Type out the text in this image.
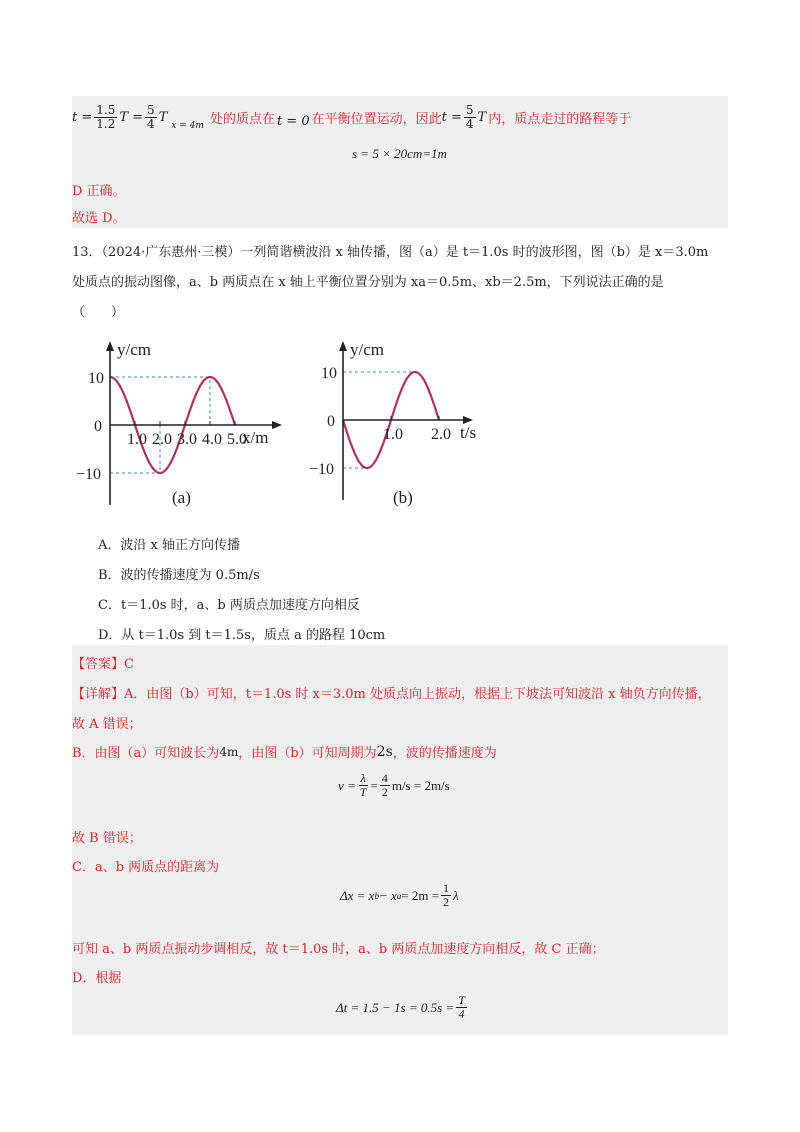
$t = \frac{1.5}{1.2}$ $T = \frac{5}{4}$ T
x = 4m 处的质点在 t = 0 在平衡位置运动，因此 $t = \frac{5}{4}$ T 内，质点走过的路程等于
s = 5 × 20cm=1m
D 正确。
故选 D。
13．（2024·广东惠州·三模）一列简谐横波沿 x 轴传播，图（a）是 t＝1.0s 时的波形图，图（b）是 x＝3.0m
处质点的振动图像，a、b 两质点在 x 轴上平衡位置分别为 xa＝0.5m、xb＝2.5m，下列说法正确的是
（　　）
1.0 2.0 3.0 4.0 5.0
10
0
−10
y/cm
x/m
(a)
1.0 2.0
10
0
−10
y/cm
t/s
(b)
A．波沿 x 轴正方向传播
B．波的传播速度为 0.5m/s
C．t＝1.0s 时，a、b 两质点加速度方向相反
D．从 t＝1.0s 到 t＝1.5s，质点 a 的路程 10cm
【答案】C
【详解】A．由图（b）可知，t＝1.0s 时 x＝3.0m 处质点向上振动，根据上下坡法可知波沿 x 轴负方向传播，
故 A 错误；
B．由图（a）可知波长为 4m ，由图（b）可知周期为 2s ，波的传播速度为
$v = \frac{\lambda}{T} = \frac{4}{2} m/s = 2m/s$
故 B 错误；
C．a、b 两质点的距离为
Δx = x b − x $a = 2m = \frac{1}{2}$ λ
可知 a、b 两质点振动步调相反，故 t＝1.0s 时，a、b 两质点加速度方向相反，故 C 正确；
D．根据
$\Delta t = 1.5 - 1s = 0.5s = \frac{T}{4}$
